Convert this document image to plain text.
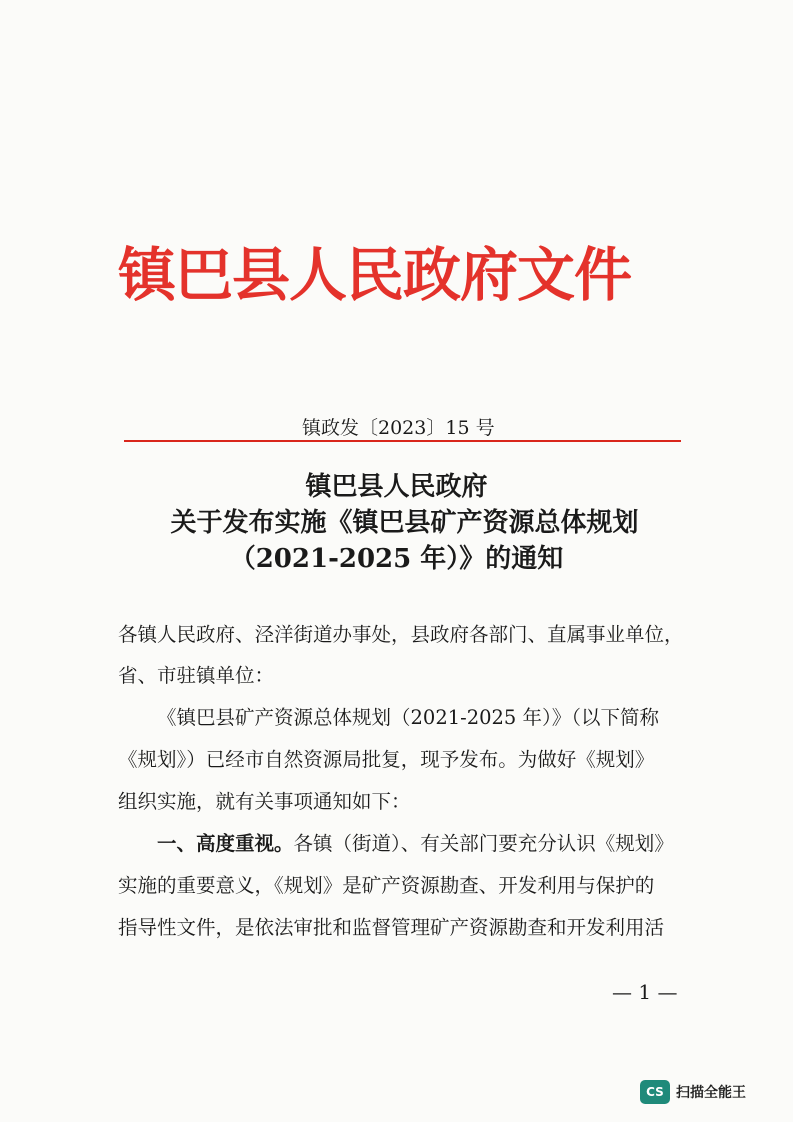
镇巴县人民政府文件
镇政发〔2023〕15 号
镇巴县人民政府
关于发布实施《镇巴县矿产资源总体规划
（2021-2025 年）》的通知
各镇人民政府、泾洋街道办事处，县政府各部门、直属事业单位，
省、市驻镇单位：
《镇巴县矿产资源总体规划（2021-2025 年）》（以下简称
《规划》）已经市自然资源局批复，现予发布。为做好《规划》
组织实施，就有关事项通知如下：
一、高度重视。各镇（街道）、有关部门要充分认识《规划》
实施的重要意义，《规划》是矿产资源勘查、开发利用与保护的
指导性文件，是依法审批和监督管理矿产资源勘查和开发利用活
— 1 —
CS 扫描全能王
